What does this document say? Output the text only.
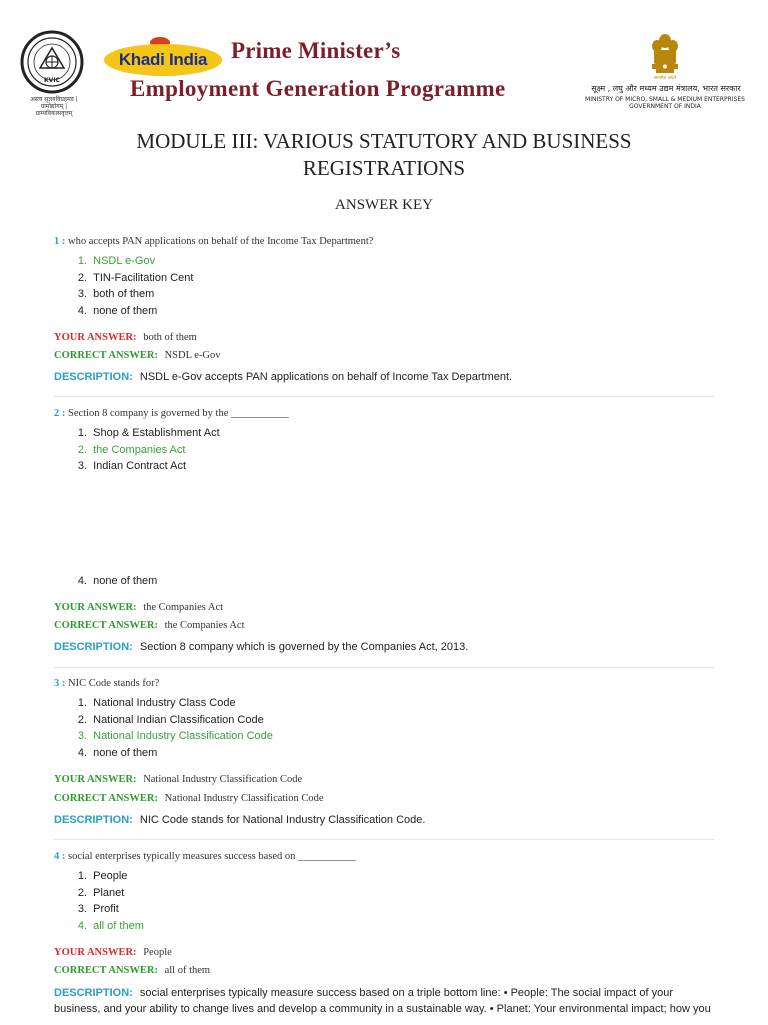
KVIC
अस्त्य सृज्ञयविग्रहमद | ग्रामोद्योगम् | ग्राम्यविकासवृत्तम्
Khadi India Prime Minister’s
Employment Generation Programme	सत्यमेव जयते
सूक्ष्म , लघु और मध्यम उद्यम मंत्रालय, भारत सरकार
MINISTRY OF MICRO, SMALL & MEDIUM ENTERPRISES
GOVERNMENT OF INDIA
MODULE III: VARIOUS STATUTORY AND BUSINESS
REGISTRATIONS
ANSWER KEY
1 : who accepts PAN applications on behalf of the Income Tax Department?
1.
NSDL e-Gov
2.
TIN-Facilitation Cent
3.
both of them
4.
none of them
YOUR ANSWER: both of them
CORRECT ANSWER: NSDL e-Gov
DESCRIPTION: NSDL e-Gov accepts PAN applications on behalf of Income Tax Department.
2 : Section 8 company is governed by the ___________
1.
Shop & Establishment Act
2.
the Companies Act
3.
Indian Contract Act
4.
none of them
YOUR ANSWER: the Companies Act
CORRECT ANSWER: the Companies Act
DESCRIPTION: Section 8 company which is governed by the Companies Act, 2013.
3 : NIC Code stands for?
1.
National Industry Class Code
2.
National Indian Classification Code
3.
National Industry Classification Code
4.
none of them
YOUR ANSWER: National Industry Classification Code
CORRECT ANSWER: National Industry Classification Code
DESCRIPTION: NIC Code stands for National Industry Classification Code.
4 : social enterprises typically measures success based on ___________
1.
People
2.
Planet
3.
Profit
4.
all of them
YOUR ANSWER: People
CORRECT ANSWER: all of them
DESCRIPTION: social enterprises typically measure success based on a triple bottom line: • People: The social impact of your business, and your ability to change lives and develop a community in a sustainable way. • Planet: Your environmental impact; how you
